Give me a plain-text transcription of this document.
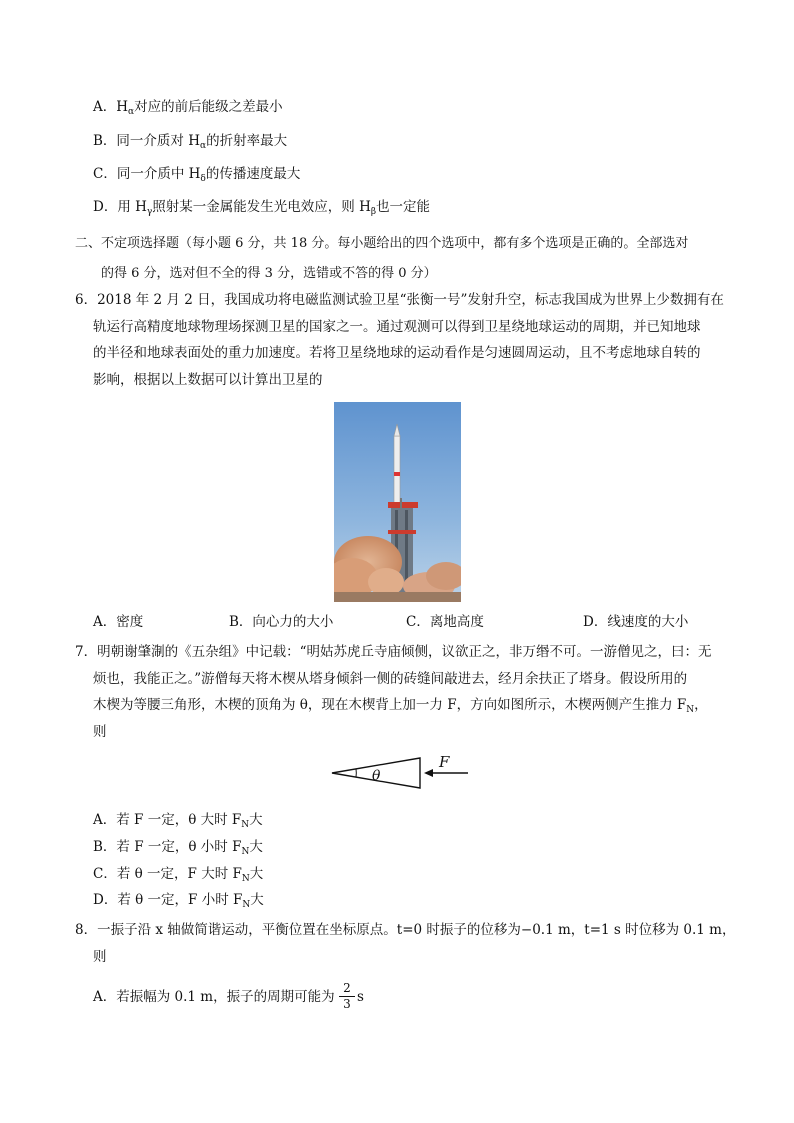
A．$H_\alpha$对应的前后能级之差最小
B．同一介质对 $H_\alpha$的折射率最大
C．同一介质中 $H_\delta$的传播速度最大
D．用 $H_\gamma$照射某一金属能发生光电效应，则 $H_\beta$也一定能
二、不定项选择题（每小题 6 分，共 18 分。每小题给出的四个选项中，都有多个选项是正确的。全部选对
的得 6 分，选对但不全的得 3 分，选错或不答的得 0 分）
6．2018 年 2 月 2 日，我国成功将电磁监测试验卫星“张衡一号”发射升空，标志我国成为世界上少数拥有在
轨运行高精度地球物理场探测卫星的国家之一。通过观测可以得到卫星绕地球运动的周期，并已知地球
的半径和地球表面处的重力加速度。若将卫星绕地球的运动看作是匀速圆周运动，且不考虑地球自转的
影响，根据以上数据可以计算出卫星的
A．密度	B．向心力的大小	C．离地高度	D．线速度的大小
7．明朝谢肇淛的《五杂组》中记载：“明姑苏虎丘寺庙倾侧，议欲正之，非万缗不可。一游僧见之，曰：无
烦也，我能正之。”游僧每天将木楔从塔身倾斜一侧的砖缝间敲进去，经月余扶正了塔身。假设所用的
木楔为等腰三角形，木楔的顶角为 θ，现在木楔背上加一力 F，方向如图所示，木楔两侧产生推力 $F_N$，
则
θ
F
A．若 F 一定，θ 大时 $F_N$大
B．若 F 一定，θ 小时 $F_N$大
C．若 θ 一定，F 大时 $F_N$大
D．若 θ 一定，F 小时 $F_N$大
8．一振子沿 x 轴做简谐运动，平衡位置在坐标原点。t=0 时振子的位移为−0.1 m，t=1 s 时位移为 0.1 m，
则
A．若振幅为 0.1 m，振子的周期可能为
2
3 s
